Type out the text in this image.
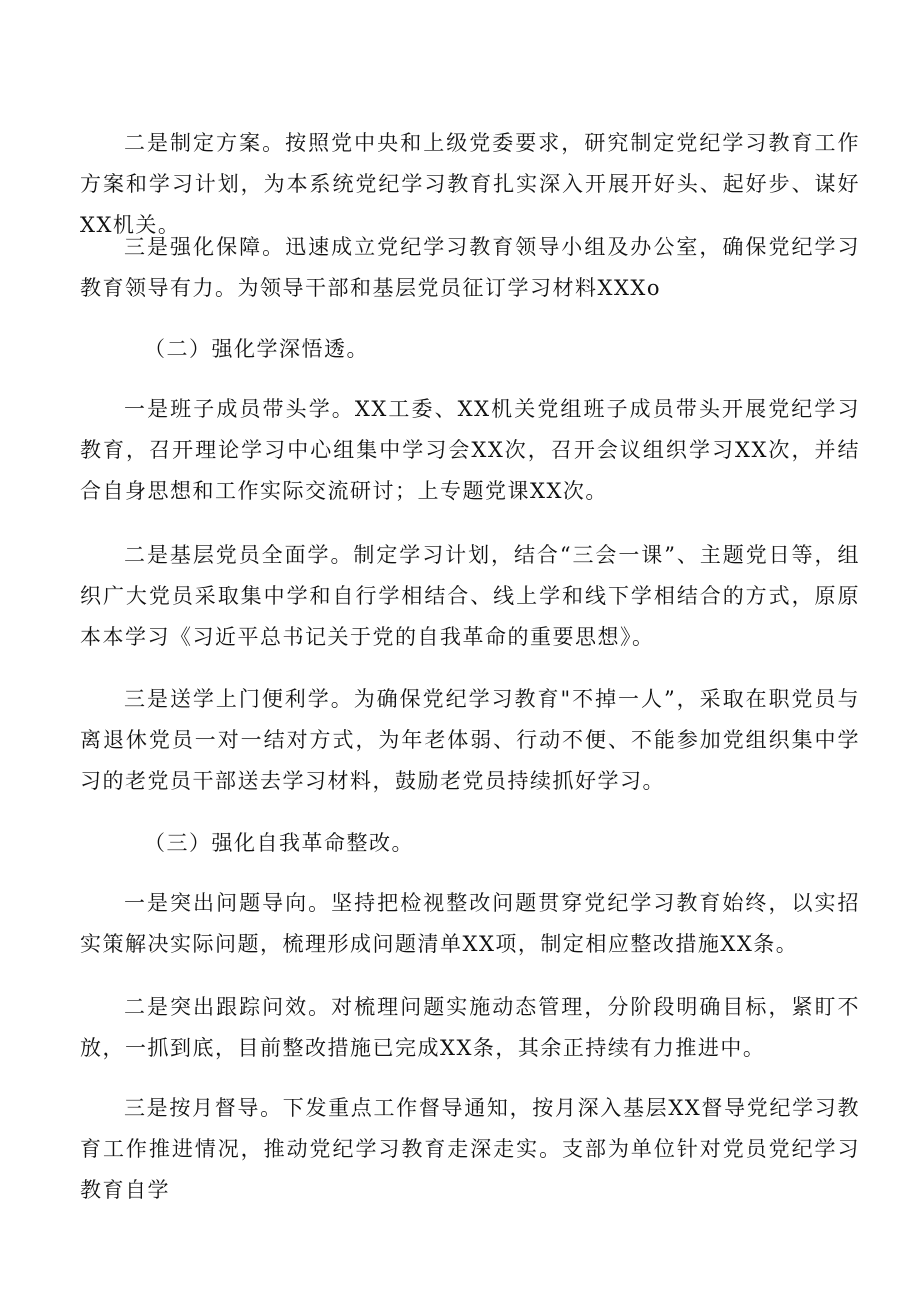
二是制定方案。按照党中央和上级党委要求，研究制定党纪学习教育工作方案和学习计划，为本系统党纪学习教育扎实深入开展开好头、起好步、谋好XX机关。

三是强化保障。迅速成立党纪学习教育领导小组及办公室，确保党纪学习教育领导有力。为领导干部和基层党员征订学习材料XXXo

（二）强化学深悟透。

一是班子成员带头学。XX工委、XX机关党组班子成员带头开展党纪学习教育，召开理论学习中心组集中学习会XX次，召开会议组织学习XX次，并结合自身思想和工作实际交流研讨；上专题党课XX次。

二是基层党员全面学。制定学习计划，结合“三会一课”、主题党日等，组织广大党员采取集中学和自行学相结合、线上学和线下学相结合的方式，原原本本学习《习近平总书记关于党的自我革命的重要思想》。

三是送学上门便利学。为确保党纪学习教育"不掉一人”，采取在职党员与离退休党员一对一结对方式，为年老体弱、行动不便、不能参加党组织集中学习的老党员干部送去学习材料，鼓励老党员持续抓好学习。

（三）强化自我革命整改。

一是突出问题导向。坚持把检视整改问题贯穿党纪学习教育始终，以实招实策解决实际问题，梳理形成问题清单XX项，制定相应整改措施XX条。

二是突出跟踪问效。对梳理问题实施动态管理，分阶段明确目标，紧盯不放，一抓到底，目前整改措施已完成XX条，其余正持续有力推进中。

三是按月督导。下发重点工作督导通知，按月深入基层XX督导党纪学习教育工作推进情况，推动党纪学习教育走深走实。支部为单位针对党员党纪学习教育自学
